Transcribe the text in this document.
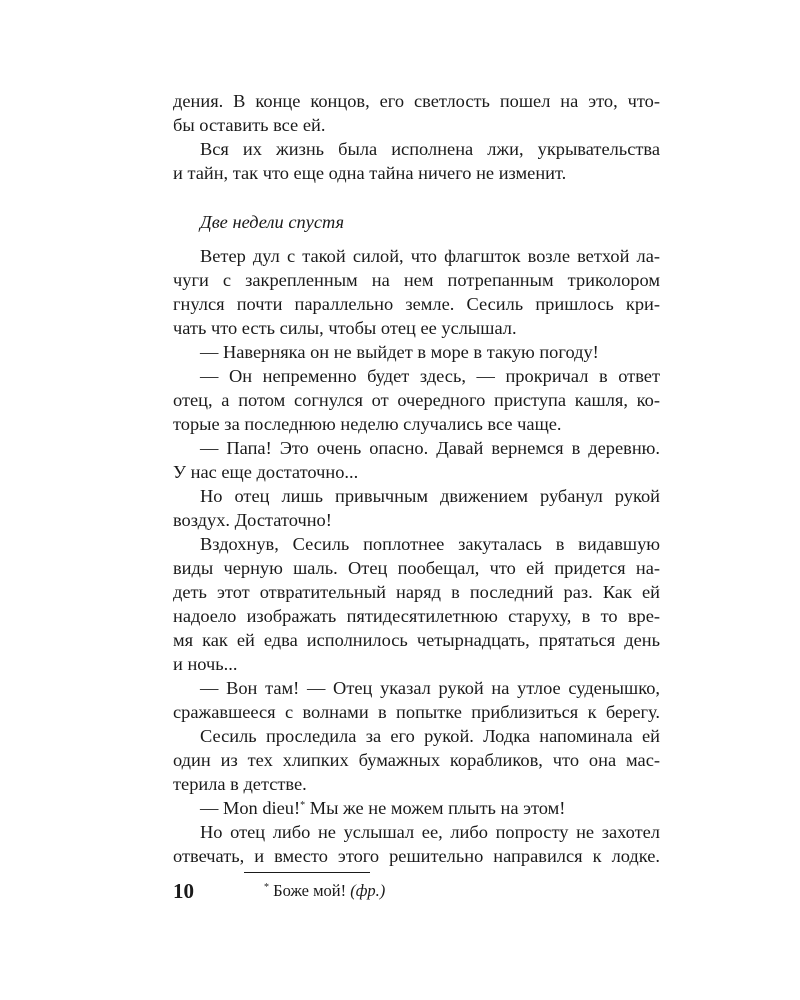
дения. В конце концов, его светлость пошел на это, что-
бы оставить все ей.
Вся их жизнь была исполнена лжи, укрывательства
и тайн, так что еще одна тайна ничего не изменит.
Две недели спустя
Ветер дул с такой силой, что флагшток возле ветхой ла-
чуги с закрепленным на нем потрепанным триколором
гнулся почти параллельно земле. Сесиль пришлось кри-
чать что есть силы, чтобы отец ее услышал.
— Наверняка он не выйдет в море в такую погоду!
— Он непременно будет здесь, — прокричал в ответ
отец, а потом согнулся от очередного приступа кашля, ко-
торые за последнюю неделю случались все чаще.
— Папа! Это очень опасно. Давай вернемся в деревню.
У нас еще достаточно...
Но отец лишь привычным движением рубанул рукой
воздух. Достаточно!
Вздохнув, Сесиль поплотнее закуталась в видавшую
виды черную шаль. Отец пообещал, что ей придется на-
деть этот отвратительный наряд в последний раз. Как ей
надоело изображать пятидесятилетнюю старуху, в то вре-
мя как ей едва исполнилось четырнадцать, прятаться день
и ночь...
— Вон там! — Отец указал рукой на утлое суденышко,
сражавшееся с волнами в попытке приблизиться к берегу.
Сесиль проследила за его рукой. Лодка напоминала ей
один из тех хлипких бумажных корабликов, что она мас-
терила в детстве.
— Mon dieu!* Мы же не можем плыть на этом!
Но отец либо не услышал ее, либо попросту не захотел
отвечать, и вместо этого решительно направился к лодке.
10	* Боже мой! (фр.)
